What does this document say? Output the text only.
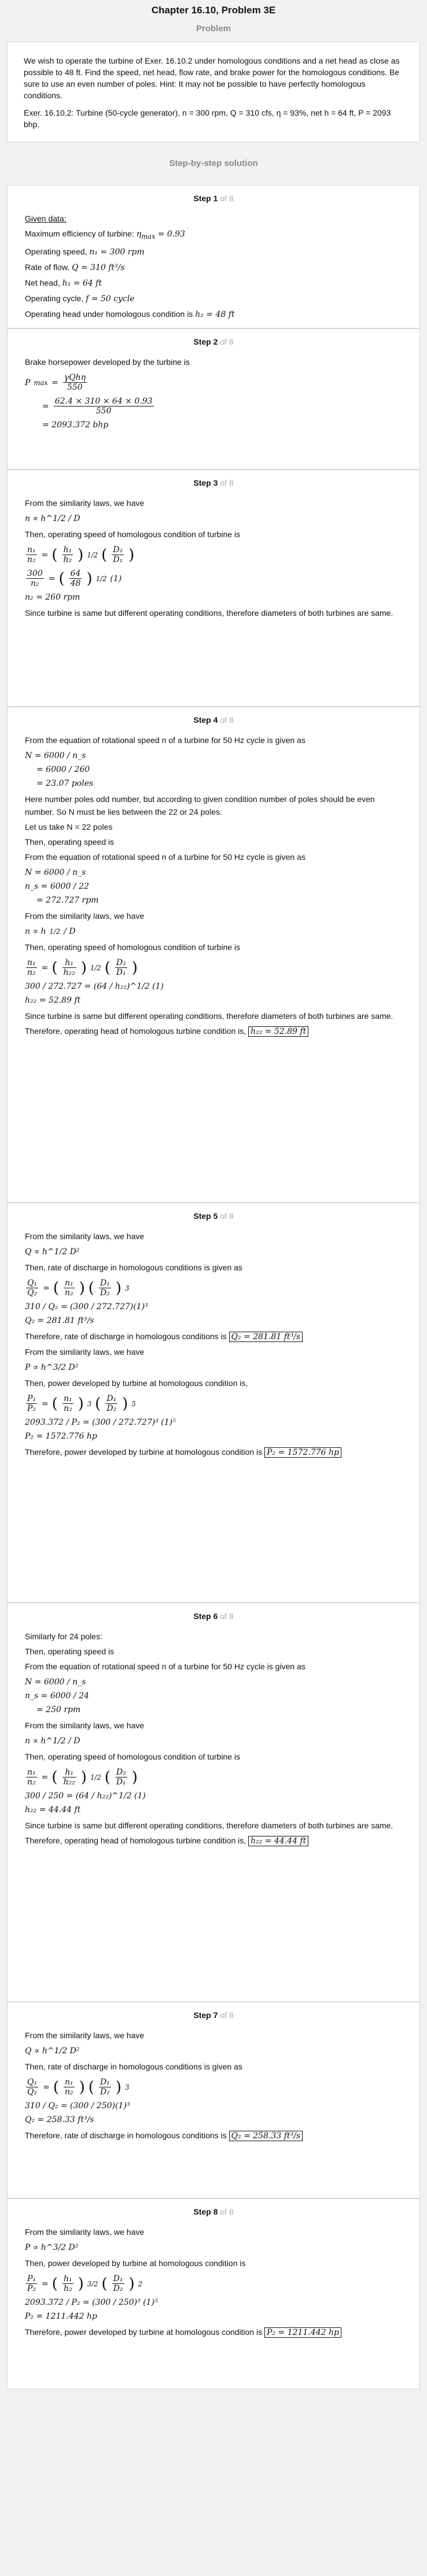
Chapter 16.10, Problem 3E
Problem

We wish to operate the turbine of Exer. 16.10.2 under homologous conditions and a net head as close as possible to 48 ft. Find the speed, net head, flow rate, and brake power for the homologous conditions. Be sure to use an even number of poles. Hint: It may not be possible to have perfectly homologous conditions.

Exer. 16.10.2: Turbine (50-cycle generator), n = 300 rpm, Q = 310 cfs, η = 93%, net h = 64 ft, P = 2093 bhp.

Step-by-step solution
Step 1 of 8
Given data:
Maximum efficiency of turbine: $\eta_{max} = 0.93$
Operating speed, n₁ = 300 rpm
Rate of flow, Q = 310 ft³/s
Net head, h₁ = 64 ft
Operating cycle, f = 50 cycle
Operating head under homologous condition is h₂ = 48 ft
Step 2 of 8
Brake horsepower developed by the turbine is
P $\max = \frac{\text{γQhη}}{550}$
= $\frac{62.4 \times 310 \times 64 \times 0.93}{550}$
= 2093.372 bhp
Step 3 of 8
From the similarity laws, we have
n ∝ h^1/2 / D
Then, operating speed of homologous condition of turbine is
$\frac{\text{n₁}}{\text{n₂}}$ = ( $\frac{\text{h₁}}{\text{h₂}}$ ) 1/2 ( $\frac{\text{D₂}}{\text{D₁}}$ )
$\frac{300}{\text{n₂}}$ = ( $\frac{64}{48}$ ) 1/2 (1)
n₂ = 260 rpm
Since turbine is same but different operating conditions, therefore diameters of both turbines are same.
Step 4 of 8
From the equation of rotational speed n of a turbine for 50 Hz cycle is given as
N = 6000 / n_s
= 6000 / 260
= 23.07 poles
Here number poles odd number, but according to given condition number of poles should be even number. So N must be lies between the 22 or 24 poles.
Let us take N = 22 poles
Then, operating speed is
From the equation of rotational speed n of a turbine for 50 Hz cycle is given as
N = 6000 / n_s
n_s = 6000 / 22
= 272.727 rpm
From the similarity laws, we have
n ∝ h 1/2 / D
Then, operating speed of homologous condition of turbine is
$\frac{\text{n₁}}{\text{n₂}}$ = ( $\frac{\text{h₁}}{\text{h₂₂}}$ ) 1/2 ( $\frac{\text{D₂}}{\text{D₁}}$ )
300 / 272.727 = (64 / h₂₂)^1/2 (1)
h₂₂ = 52.89 ft
Since turbine is same but different operating conditions, therefore diameters of both turbines are same.
Therefore, operating head of homologous turbine condition is, h₂₂ = 52.89 ft
Step 5 of 8
From the similarity laws, we have
Q ∝ h^1/2 D²
Then, rate of discharge in homologous conditions is given as
$\frac{\text{Q₁}}{\text{Q₂}}$ = ( $\frac{\text{n₁}}{\text{n₂}}$ ) ( $\frac{\text{D₁}}{\text{D₂}}$ ) 3
310 / Q₂ = (300 / 272.727)(1)³
Q₂ = 281.81 ft³/s
Therefore, rate of discharge in homologous conditions is Q₂ = 281.81 ft³/s
From the similarity laws, we have
P ∝ h^3/2 D²
Then, power developed by turbine at homologous condition is,
$\frac{\text{P₁}}{\text{P₂}}$ = ( $\frac{\text{n₁}}{\text{n₂}}$ ) 3 ( $\frac{\text{D₁}}{\text{D₂}}$ ) 5
2093.372 / P₂ = (300 / 272.727)³ (1)⁵
P₂ = 1572.776 hp
Therefore, power developed by turbine at homologous condition is P₂ = 1572.776 hp
Step 6 of 8
Similarly for 24 poles:
Then, operating speed is
From the equation of rotational speed n of a turbine for 50 Hz cycle is given as
N = 6000 / n_s
n_s = 6000 / 24
= 250 rpm
From the similarity laws, we have
n ∝ h^1/2 / D
Then, operating speed of homologous condition of turbine is
$\frac{\text{n₁}}{\text{n₂}}$ = ( $\frac{\text{h₁}}{\text{h₂₂}}$ ) 1/2 ( $\frac{\text{D₂}}{\text{D₁}}$ )
300 / 250 = (64 / h₂₂)^1/2 (1)
h₂₂ = 44.44 ft
Since turbine is same but different operating conditions, therefore diameters of both turbines are same.
Therefore, operating head of homologous turbine condition is, h₂₂ = 44.44 ft
Step 7 of 8
From the similarity laws, we have
Q ∝ h^1/2 D²
Then, rate of discharge in homologous conditions is given as
$\frac{\text{Q₁}}{\text{Q₂}}$ = ( $\frac{\text{n₁}}{\text{n₂}}$ ) ( $\frac{\text{D₁}}{\text{D₂}}$ ) 3
310 / Q₂ = (300 / 250)(1)³
Q₂ = 258.33 ft³/s
Therefore, rate of discharge in homologous conditions is Q₂ = 258.33 ft³/s
Step 8 of 8
From the similarity laws, we have
P ∝ h^3/2 D²
Then, power developed by turbine at homologous condition is
$\frac{\text{P₁}}{\text{P₂}}$ = ( $\frac{\text{h₁}}{\text{h₂}}$ ) 3/2 ( $\frac{\text{D₁}}{\text{D₂}}$ ) 2
2093.372 / P₂ = (300 / 250)³ (1)⁵
P₂ = 1211.442 hp
Therefore, power developed by turbine at homologous condition is P₂ = 1211.442 hp
